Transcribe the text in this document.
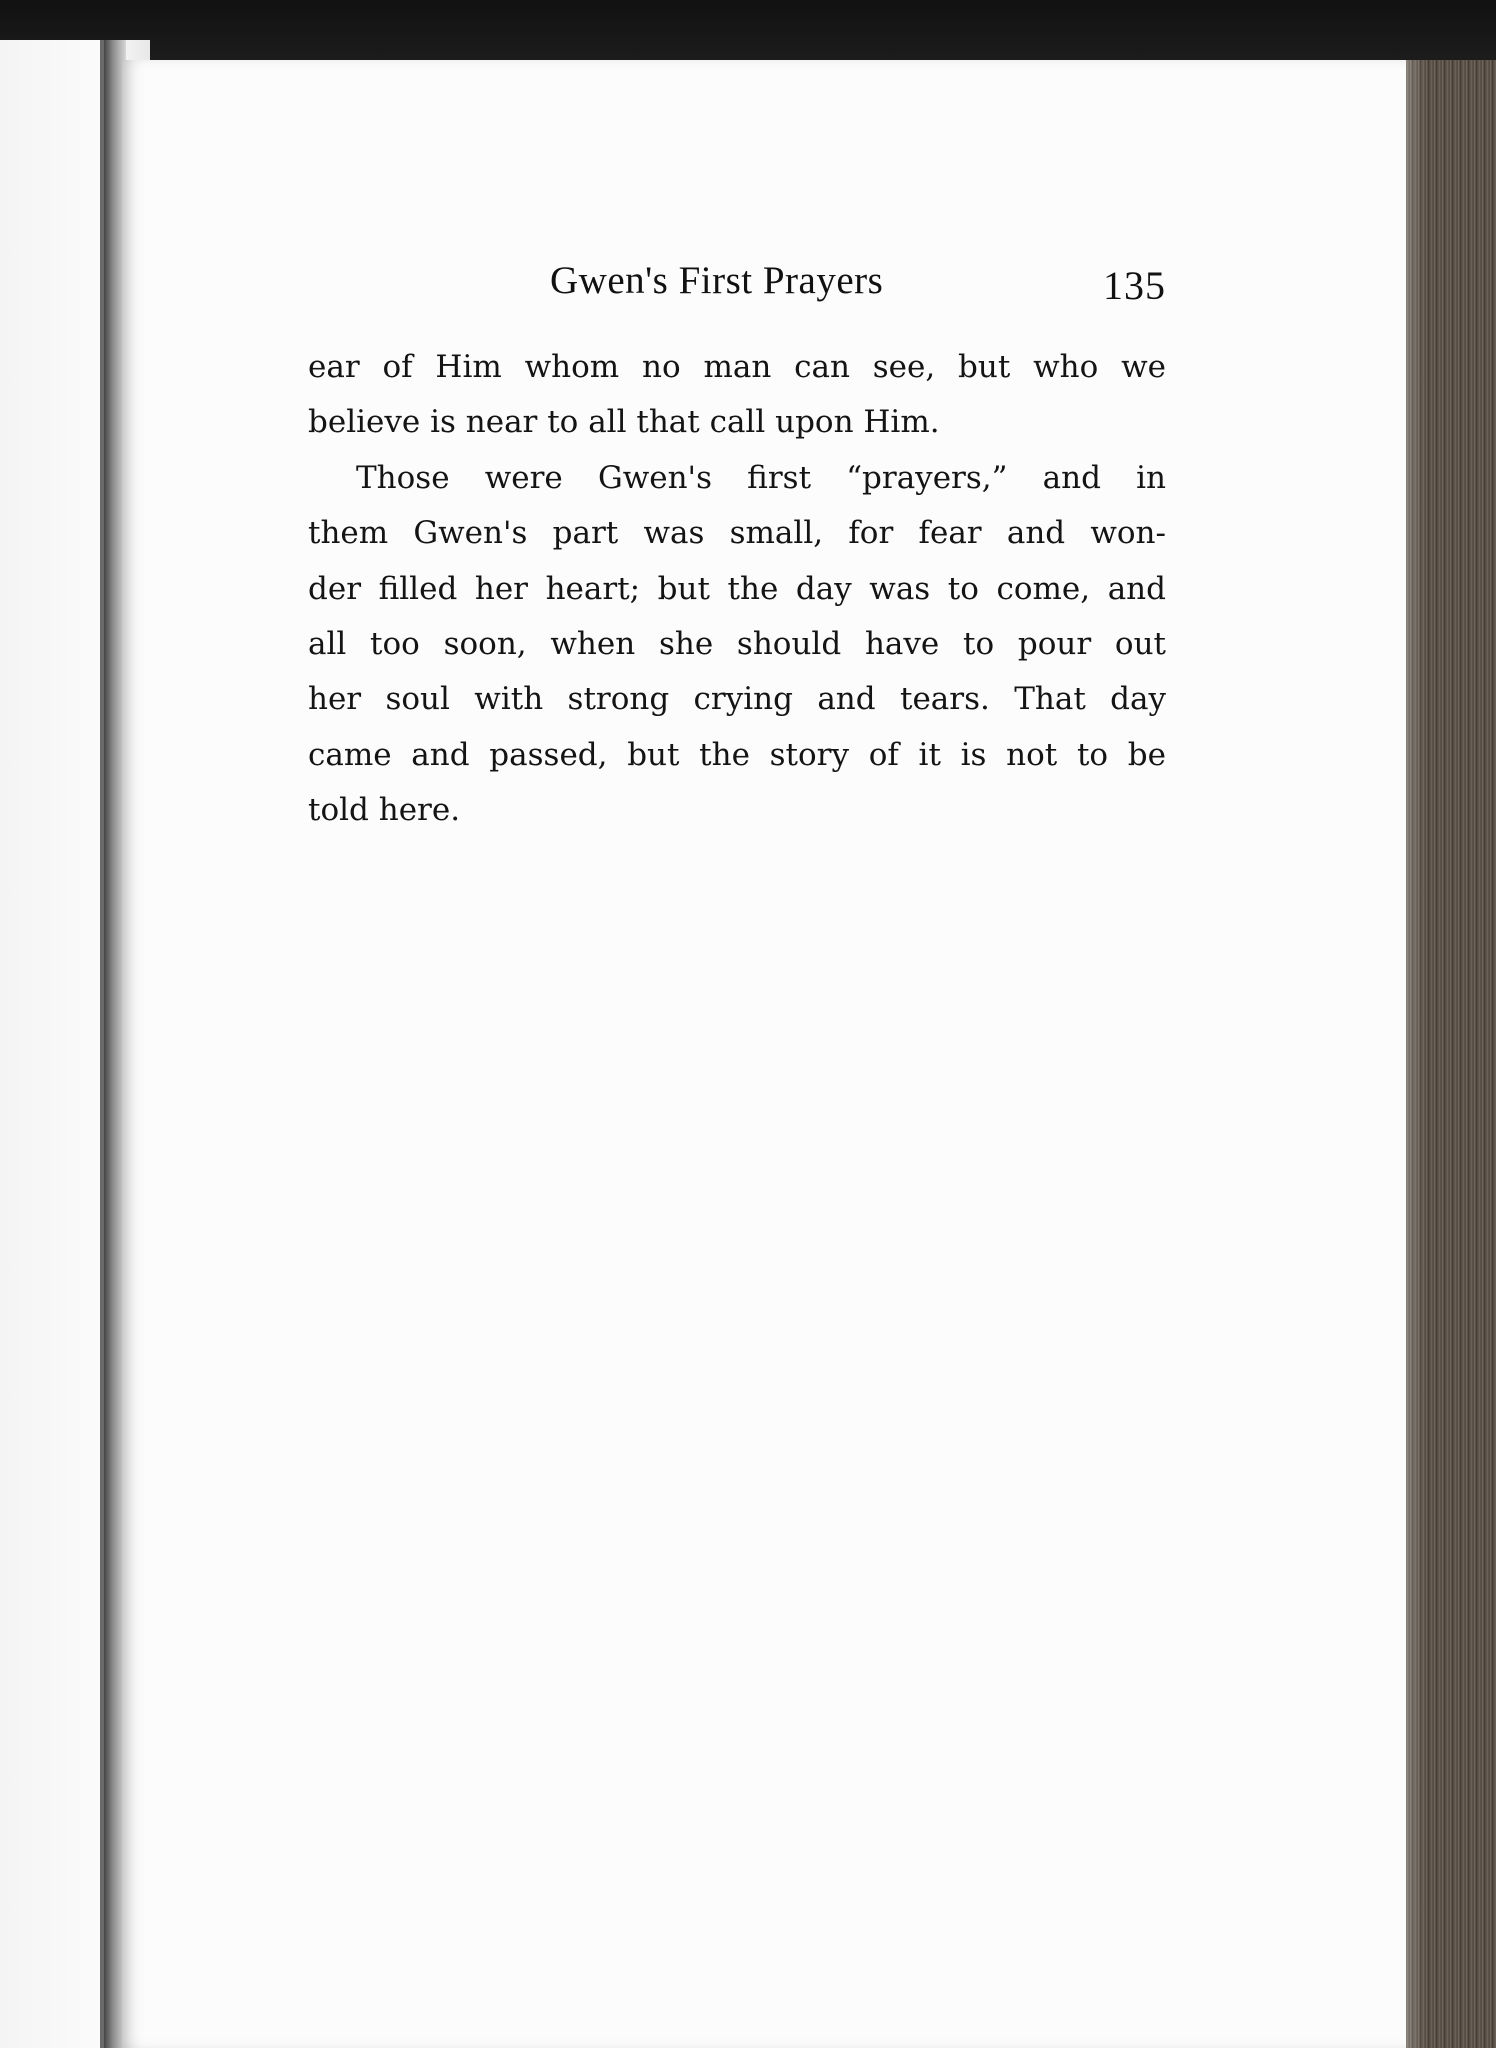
Gwen's First Prayers	135
ear of Him whom no man can see, but who we
believe is near to all that call upon Him.
Those were Gwen's first “prayers,” and in
them Gwen's part was small, for fear and won-
der filled her heart; but the day was to come, and
all too soon, when she should have to pour out
her soul with strong crying and tears. That day
came and passed, but the story of it is not to be
told here.
